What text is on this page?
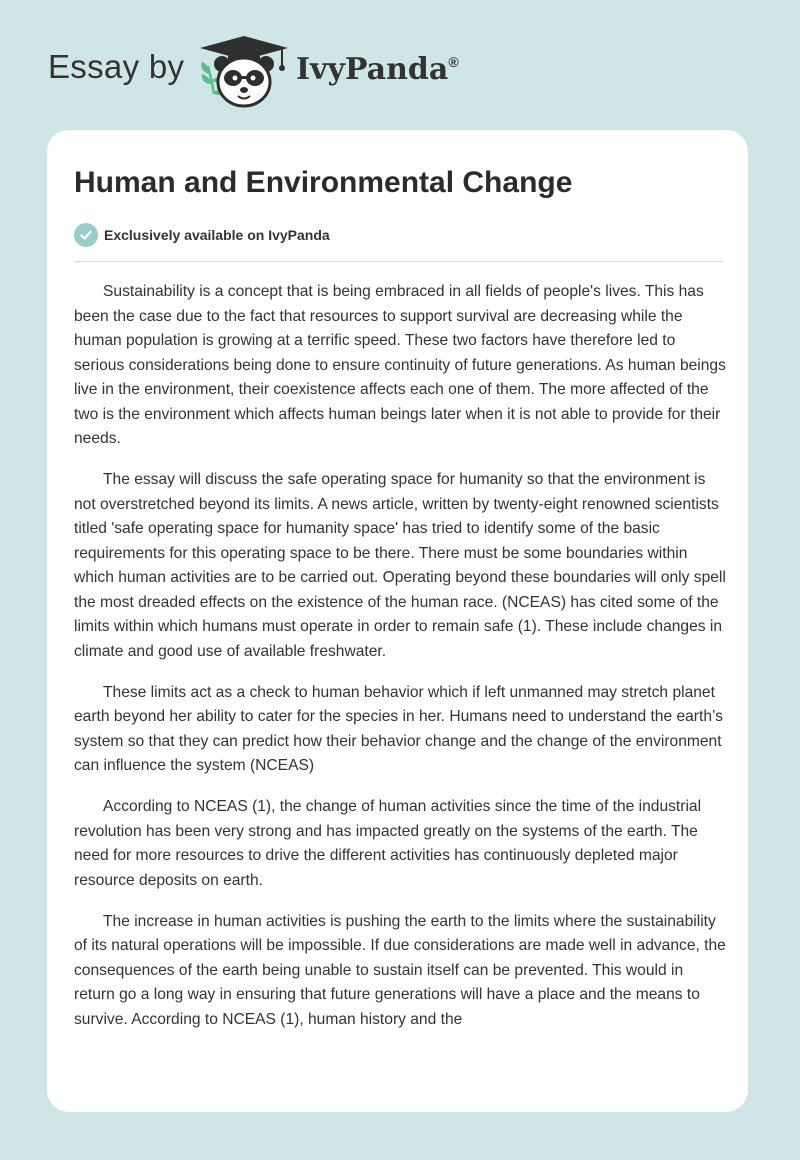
Essay by	IvyPanda®
Human and Environmental Change
Exclusively available on IvyPanda

Sustainability is a concept that is being embraced in all fields of people's lives. This has been the case due to the fact that resources to support survival are decreasing while the human population is growing at a terrific speed. These two factors have therefore led to serious considerations being done to ensure continuity of future generations. As human beings live in the environment, their coexistence affects each one of them. The more affected of the two is the environment which affects human beings later when it is not able to provide for their needs.

The essay will discuss the safe operating space for humanity so that the environment is not overstretched beyond its limits. A news article, written by twenty-eight renowned scientists titled 'safe operating space for humanity space' has tried to identify some of the basic requirements for this operating space to be there. There must be some boundaries within which human activities are to be carried out. Operating beyond these boundaries will only spell the most dreaded effects on the existence of the human race. (NCEAS) has cited some of the limits within which humans must operate in order to remain safe (1). These include changes in climate and good use of available freshwater.

These limits act as a check to human behavior which if left unmanned may stretch planet earth beyond her ability to cater for the species in her. Humans need to understand the earth’s system so that they can predict how their behavior change and the change of the environment can influence the system (NCEAS)

According to NCEAS (1), the change of human activities since the time of the industrial revolution has been very strong and has impacted greatly on the systems of the earth. The need for more resources to drive the different activities has continuously depleted major resource deposits on earth.

The increase in human activities is pushing the earth to the limits where the sustainability of its natural operations will be impossible. If due considerations are made well in advance, the consequences of the earth being unable to sustain itself can be prevented. This would in return go a long way in ensuring that future generations will have a place and the means to survive. According to NCEAS (1), human history and the
